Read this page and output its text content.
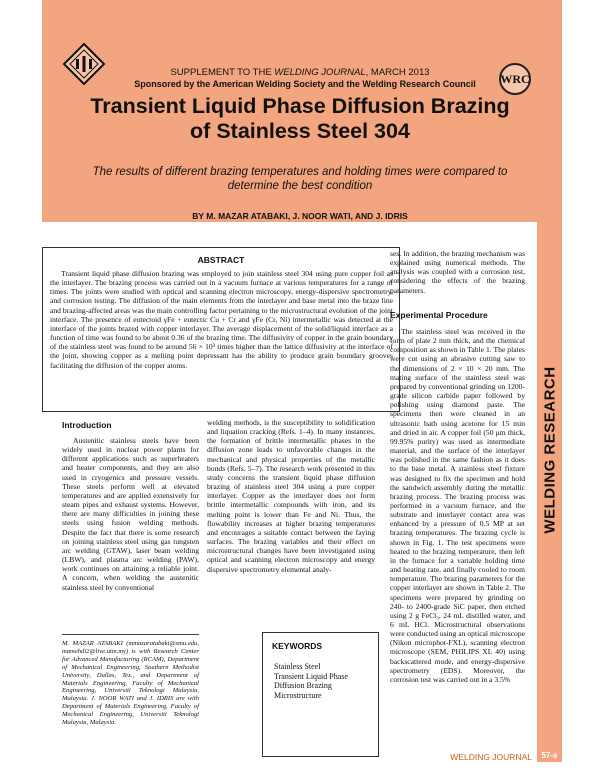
WELDING RESEARCH
WRC
SUPPLEMENT TO THE WELDING JOURNAL, MARCH 2013
Sponsored by the American Welding Society and the Welding Research Council
Transient Liquid Phase Diffusion Brazing
of Stainless Steel 304
The results of different brazing temperatures and holding times were compared to determine the best condition
BY M. MAZAR ATABAKI, J. NOOR WATI, AND J. IDRIS
ABSTRACT

Transient liquid phase diffusion brazing was employed to join stainless steel 304 using pure copper foil as the interlayer. The brazing process was carried out in a vacuum furnace at various temperatures for a range of times. The joints were studied with optical and scanning electron microscopy, energy-dispersive spectrometry, and corrosion testing. The diffusion of the main elements from the interlayer and base metal into the braze line and brazing-affected areas was the main controlling factor pertaining to the microstructural evolution of the joint interface. The presence of eutectoid γFe + eutectic Cu + Cr and γFe (Cr, Ni) intermetallic was detected at the interface of the joints brazed with copper interlayer. The average displacement of the solid/liquid interface as a function of time was found to be about 0.36 of the brazing time. The diffusivity of copper in the grain boundary of the stainless steel was found to be around 56 × 10³ times higher than the lattice diffusivity at the interface of the joint, showing copper as a melting point depressant has the ability to produce grain boundary grooves facilitating the diffusion of the copper atoms.

Introduction

Austenitic stainless steels have been widely used in nuclear power plants for different applications such as superheaters and heater components, and they are also used in cryogenics and pressure vessels. These steels perform well at elevated temperatures and are applied extensively for steam pipes and exhaust systems. However, there are many difficulties in joining these steels using fusion welding methods. Despite the fact that there is some research on joining stainless steel using gas tungsten arc welding (GTAW), laser beam welding (LBW), and plasma arc welding (PAW), work continues on attaining a reliable joint. A concern, when welding the austenitic stainless steel by conventional

welding methods, is the susceptibility to solidification and liquation cracking (Refs. 1–4). In many instances, the formation of brittle intermetallic phases in the diffusion zone leads to unfavorable changes in the mechanical and physical properties of the metallic bonds (Refs. 5–7). The research work presented in this study concerns the transient liquid phase diffusion brazing of stainless steel 304 using a pure copper interlayer. Copper as the interlayer does not form brittle intermetallic compounds with iron, and its melting point is lower than Fe and Ni. Thus, the flowability increases at higher brazing temperatures and encourages a suitable contact between the faying surfaces. The brazing variables and their effect on microstructural changes have been investigated using optical and scanning electron microscopy and energy dispersive spectrometry elemental analy-

M. MAZAR ATABAKI (mmazaratabaki@smu.edu, mamehdi2@live.utm.my) is with Research Center for Advanced Manufacturing (RCAM), Department of Mechanical Engineering, Southern Methodist University, Dallas, Tex., and Department of Materials Engineering, Faculty of Mechanical Engineering, Universiti Teknologi Malaysia, Malaysia. J. NOOR WATI and J. IDRIS are with Department of Materials Engineering, Faculty of Mechanical Engineering, Universiti Teknologi Malaysia, Malaysia.
KEYWORDS
Stainless Steel
Transient Liquid Phase
Diffusion Brazing
Microstructure

ses. In addition, the brazing mechanism was explained using numerical methods. The analysis was coupled with a corrosion test, considering the effects of the brazing parameters.

Experimental Procedure

The stainless steel was received in the form of plate 2 mm thick, and the chemical composition as shown in Table 1. The plates were cut using an abrasive cutting saw to the dimensions of 2 × 10 × 20 mm. The mating surface of the stainless steel was prepared by conventional grinding on 1200-grade silicon carbide paper followed by polishing using diamond paste. The specimens then were cleaned in an ultrasonic bath using acetone for 15 min and dried in air. A copper foil (50 μm thick, 99.95% purity) was used as intermediate material, and the surface of the interlayer was polished in the same fashion as it does to the base metal. A stainless steel fixture was designed to fix the specimen and hold the sandwich assembly during the metallic brazing process. The brazing process was performed in a vacuum furnace, and the substrate and interlayer contact area was enhanced by a pressure of 0.5 MP at set brazing temperatures. The brazing cycle is shown in Fig. 1. The test specimens were heated to the brazing temperature, then left in the furnace for a variable holding time and heating rate, and finally cooled to room temperature. The brazing parameters for the copper interlayer are shown in Table 2. The specimens were prepared by grinding on 240- to 2400-grade SiC paper, then etched using 2 g FeCl₃, 24 mL distilled water, and 6 mL HCl. Microstructural observations were conducted using an optical microscope (Nikon microphot-FXL), scanning electron microscope (SEM, PHILIPS XL 40) using backscattered mode, and energy-dispersive spectrometry (EDS). Moreover, the corrosion test was carried out in a 3.5%

WELDING JOURNAL	57-s
